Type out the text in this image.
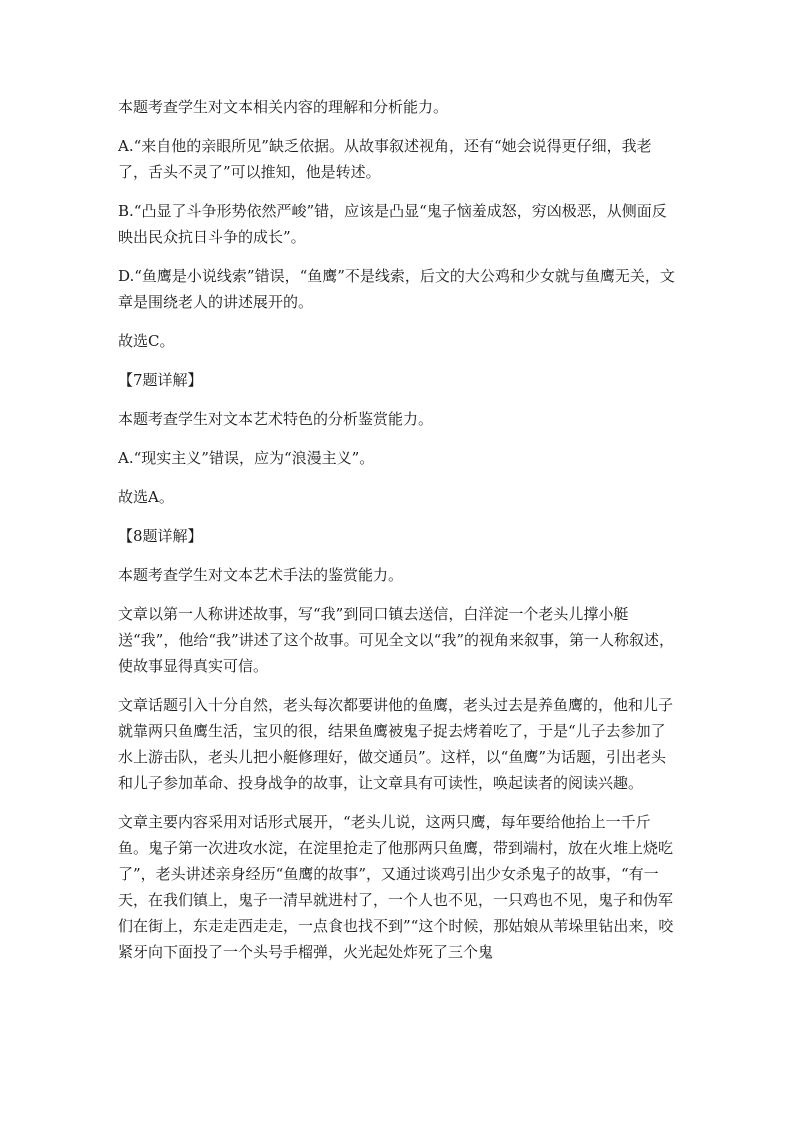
本题考查学生对文本相关内容的理解和分析能力。

A.“来自他的亲眼所见”缺乏依据。从故事叙述视角，还有“她会说得更仔细，我老了，舌头不灵了”可以推知，他是转述。

B.“凸显了斗争形势依然严峻”错，应该是凸显“鬼子恼羞成怒，穷凶极恶，从侧面反映出民众抗日斗争的成长”。

D.“鱼鹰是小说线索”错误，“鱼鹰”不是线索，后文的大公鸡和少女就与鱼鹰无关，文章是围绕老人的讲述展开的。

故选C。

【7题详解】

本题考查学生对文本艺术特色的分析鉴赏能力。

A.“现实主义”错误，应为“浪漫主义”。

故选A。

【8题详解】

本题考查学生对文本艺术手法的鉴赏能力。

文章以第一人称讲述故事，写“我”到同口镇去送信，白洋淀一个老头儿撑小艇送“我”，他给“我”讲述了这个故事。可见全文以“我”的视角来叙事，第一人称叙述，使故事显得真实可信。

文章话题引入十分自然，老头每次都要讲他的鱼鹰，老头过去是养鱼鹰的，他和儿子就靠两只鱼鹰生活，宝贝的很，结果鱼鹰被鬼子捉去烤着吃了，于是“儿子去参加了水上游击队，老头儿把小艇修理好，做交通员”。这样，以“鱼鹰”为话题，引出老头和儿子参加革命、投身战争的故事，让文章具有可读性，唤起读者的阅读兴趣。

文章主要内容采用对话形式展开，“老头儿说，这两只鹰，每年要给他抬上一千斤鱼。鬼子第一次进攻水淀，在淀里抢走了他那两只鱼鹰，带到端村，放在火堆上烧吃了”，老头讲述亲身经历“鱼鹰的故事”，又通过谈鸡引出少女杀鬼子的故事，“有一天，在我们镇上，鬼子一清早就进村了，一个人也不见，一只鸡也不见，鬼子和伪军们在街上，东走走西走走，一点食也找不到”“这个时候，那姑娘从苇垛里钻出来，咬紧牙向下面投了一个头号手榴弹，火光起处炸死了三个鬼
